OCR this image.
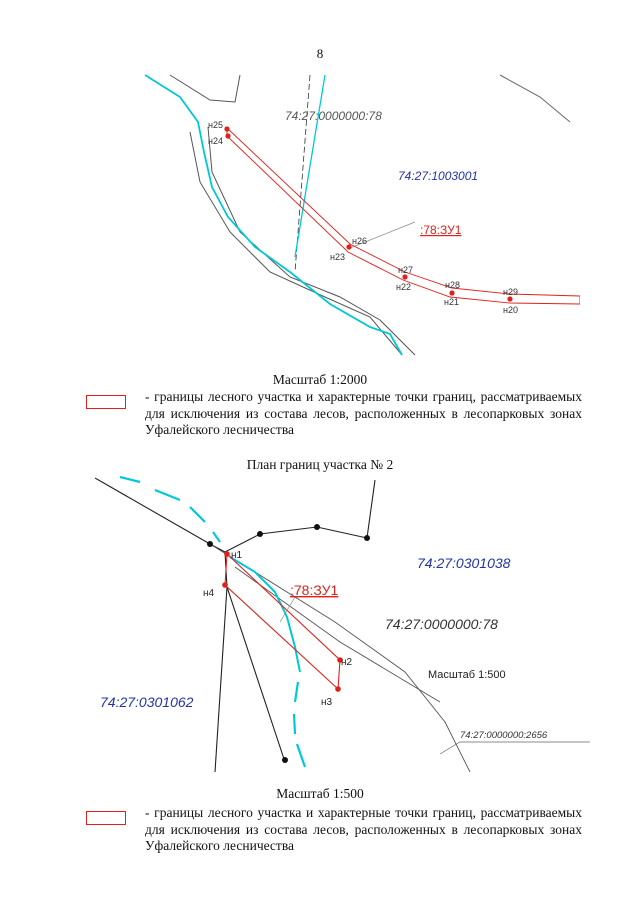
8
74:27:0000000:78
74:27:1003001
:78:ЗУ1
н25
н24
н26
н23
н27
н22	н28
н21
н29
н20
Масштаб 1:2000
- границы лесного участка и характерные точки границ, рассматриваемых для исключения из состава лесов, расположенных в лесопарковых зонах Уфалейского лесничества
План границ участка № 2
74:27:0301038
74:27:0301062
74:27:0000000:78
74:27:0000000:2656
:78:ЗУ1
Масштаб 1:500
н1
н4
н2
н3
Масштаб 1:500
- границы лесного участка и характерные точки границ, рассматриваемых для исключения из состава лесов, расположенных в лесопарковых зонах Уфалейского лесничества
